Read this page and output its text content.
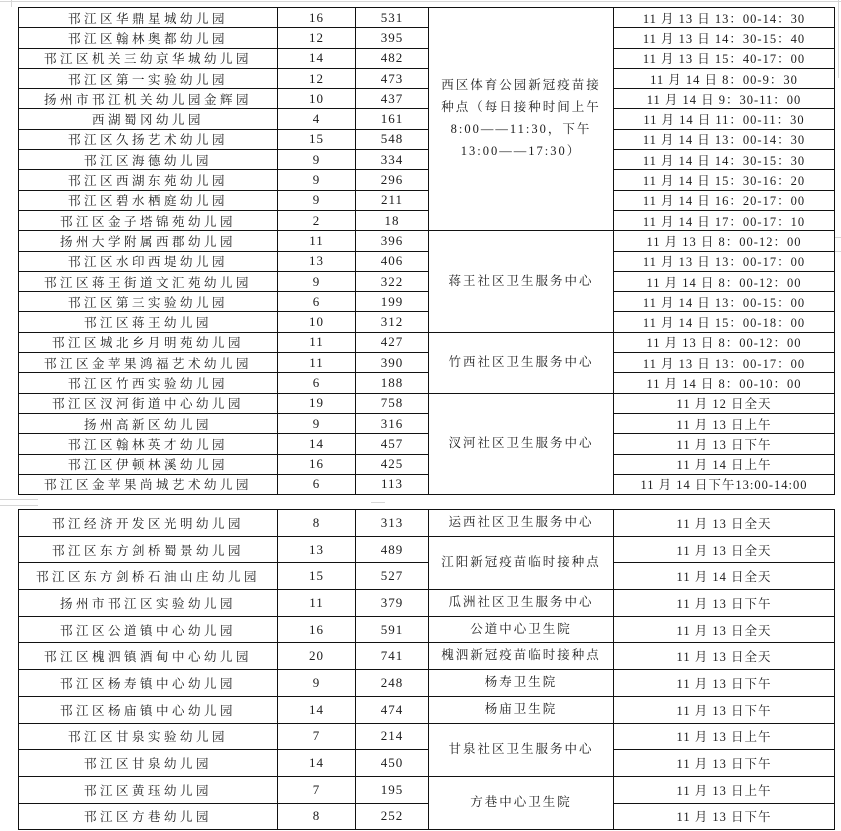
邗江区华鼎星城幼儿园	16	531	西区体育公园新冠疫苗接种点（每日接种时间上午8:00——11:30，下午 13:00——17:30）	11 月 13 日 13：00-14：30
邗江区翰林奥都幼儿园	12	395		11 月 13 日 14：30-15：40
邗江区机关三幼京华城幼儿园	14	482		11 月 13 日 15：40-17：00
邗江区第一实验幼儿园	12	473		11 月 14 日 8：00-9：30
扬州市邗江机关幼儿园金辉园	10	437		11 月 14 日 9：30-11：00
西湖蜀冈幼儿园	4	161		11 月 14 日 11：00-11：30
邗江区久扬艺术幼儿园	15	548		11 月 14 日 13：00-14：30
邗江区海德幼儿园	9	334		11 月 14 日 14：30-15：30
邗江区西湖东苑幼儿园	9	296		11 月 14 日 15：30-16：20
邗江区碧水栖庭幼儿园	9	211		11 月 14 日 16：20-17：00
邗江区金子塔锦苑幼儿园	2	18		11 月 14 日 17：00-17：10
扬州大学附属西郡幼儿园	11	396	蒋王社区卫生服务中心	11 月 13 日 8：00-12：00
邗江区水印西堤幼儿园	13	406		11 月 13 日 13：00-17：00
邗江区蒋王街道文汇苑幼儿园	9	322		11 月 14 日 8：00-12：00
邗江区第三实验幼儿园	6	199		11 月 14 日 13：00-15：00
邗江区蒋王幼儿园	10	312		11 月 14 日 15：00-18：00
邗江区城北乡月明苑幼儿园	11	427	竹西社区卫生服务中心	11 月 13 日 8：00-12：00
邗江区金苹果鸿福艺术幼儿园	11	390		11 月 13 日 13：00-17：00
邗江区竹西实验幼儿园	6	188		11 月 14 日 8：00-10：00
邗江区汊河街道中心幼儿园	19	758	汊河社区卫生服务中心	11 月 12 日全天
扬州高新区幼儿园	9	316		11 月 13 日上午
邗江区翰林英才幼儿园	14	457		11 月 13 日下午
邗江区伊顿林溪幼儿园	16	425		11 月 14 日上午
邗江区金苹果尚城艺术幼儿园	6	113		11 月 14 日下午13:00-14:00
邗江经济开发区光明幼儿园	8	313	运西社区卫生服务中心	11 月 13 日全天
邗江区东方剑桥蜀景幼儿园	13	489	江阳新冠疫苗临时接种点	11 月 13 日全天
邗江区东方剑桥石油山庄幼儿园	15	527		11 月 14 日全天
扬州市邗江区实验幼儿园	11	379	瓜洲社区卫生服务中心	11 月 13 日下午
邗江区公道镇中心幼儿园	16	591	公道中心卫生院	11 月 13 日全天
邗江区槐泗镇酒甸中心幼儿园	20	741	槐泗新冠疫苗临时接种点	11 月 13 日全天
邗江区杨寿镇中心幼儿园	9	248	杨寿卫生院	11 月 13 日下午
邗江区杨庙镇中心幼儿园	14	474	杨庙卫生院	11 月 13 日下午
邗江区甘泉实验幼儿园	7	214	甘泉社区卫生服务中心	11 月 13 日上午
邗江区甘泉幼儿园	14	450		11 月 13 日下午
邗江区黄珏幼儿园	7	195	方巷中心卫生院	11 月 13 日上午
邗江区方巷幼儿园	8	252		11 月 13 日下午
